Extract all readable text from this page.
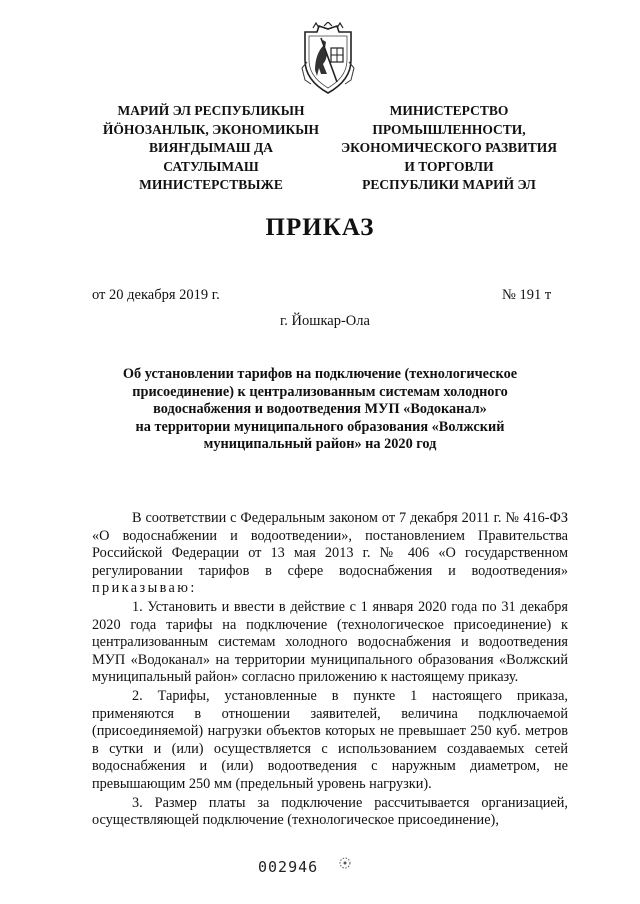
МАРИЙ ЭЛ РЕСПУБЛИКЫН
ЙӦНОЗАНЛЫК, ЭКОНОМИКЫН
ВИЯҤДЫМАШ ДА
САТУЛЫМАШ
МИНИСТЕРСТВЫЖЕ
МИНИСТЕРСТВО
ПРОМЫШЛЕННОСТИ,
ЭКОНОМИЧЕСКОГО РАЗВИТИЯ
И ТОРГОВЛИ
РЕСПУБЛИКИ МАРИЙ ЭЛ
ПРИКАЗ
от 20 декабря 2019 г.	№ 191 т
г. Йошкар-Ола
Об установлении тарифов на подключение (технологическое
присоединение) к централизованным системам холодного
водоснабжения и водоотведения МУП «Водоканал»
на территории муниципального образования «Волжский
муниципальный район» на 2020 год

В соответствии с Федеральным законом от 7 декабря 2011 г. № 416-ФЗ «О водоснабжении и водоотведении», постановлением Правительства Российской Федерации от 13 мая 2013 г. № 406 «О государственном регулировании тарифов в сфере водоснабжения и водоотведения» приказываю:

1. Установить и ввести в действие с 1 января 2020 года по 31 декабря 2020 года тарифы на подключение (технологическое присоединение) к централизованным системам холодного водоснабжения и водоотведения МУП «Водоканал» на территории муниципального образования «Волжский муниципальный район» согласно приложению к настоящему приказу.

2. Тарифы, установленные в пункте 1 настоящего приказа, применяются в отношении заявителей, величина подключаемой (присоединяемой) нагрузки объектов которых не превышает 250 куб. метров в сутки и (или) осуществляется с использованием создаваемых сетей водоснабжения и (или) водоотведения с наружным диаметром, не превышающим 250 мм (предельный уровень нагрузки).

3. Размер платы за подключение рассчитывается организацией, осуществляющей подключение (технологическое присоединение),

002946
